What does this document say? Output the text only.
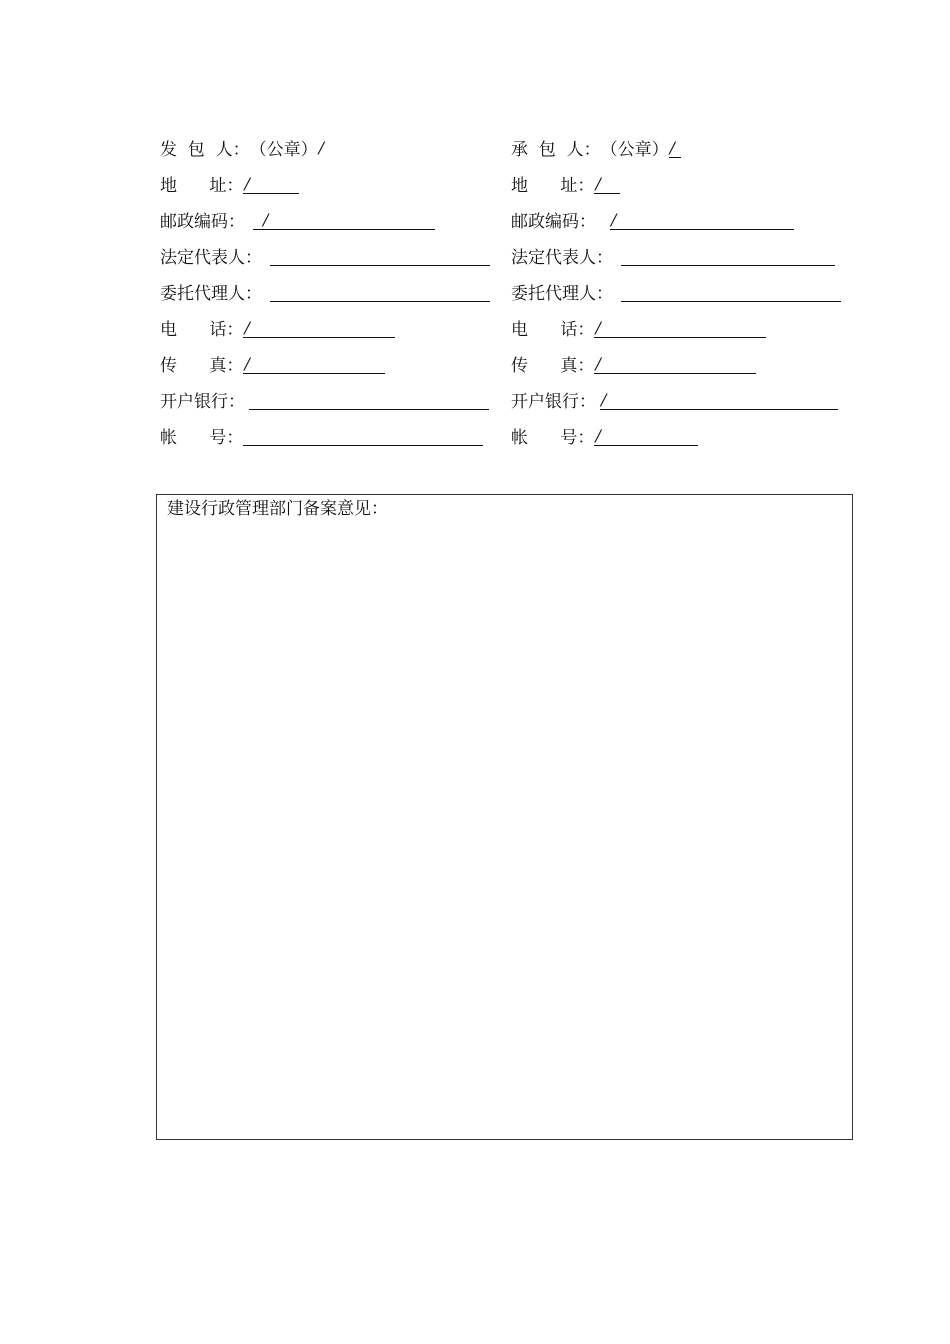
发  包  人： （公章） /
地      址： /
邮政编码：	/
法定代表人：
委托代理人：
电      话： /
传      真： /
开户银行：
帐      号：
承  包  人： （公章） /
地      址： /
邮政编码： /
法定代表人：
委托代理人：
电      话： /
传      真： /
开户银行： /
帐      号： /
建设行政管理部门备案意见：
